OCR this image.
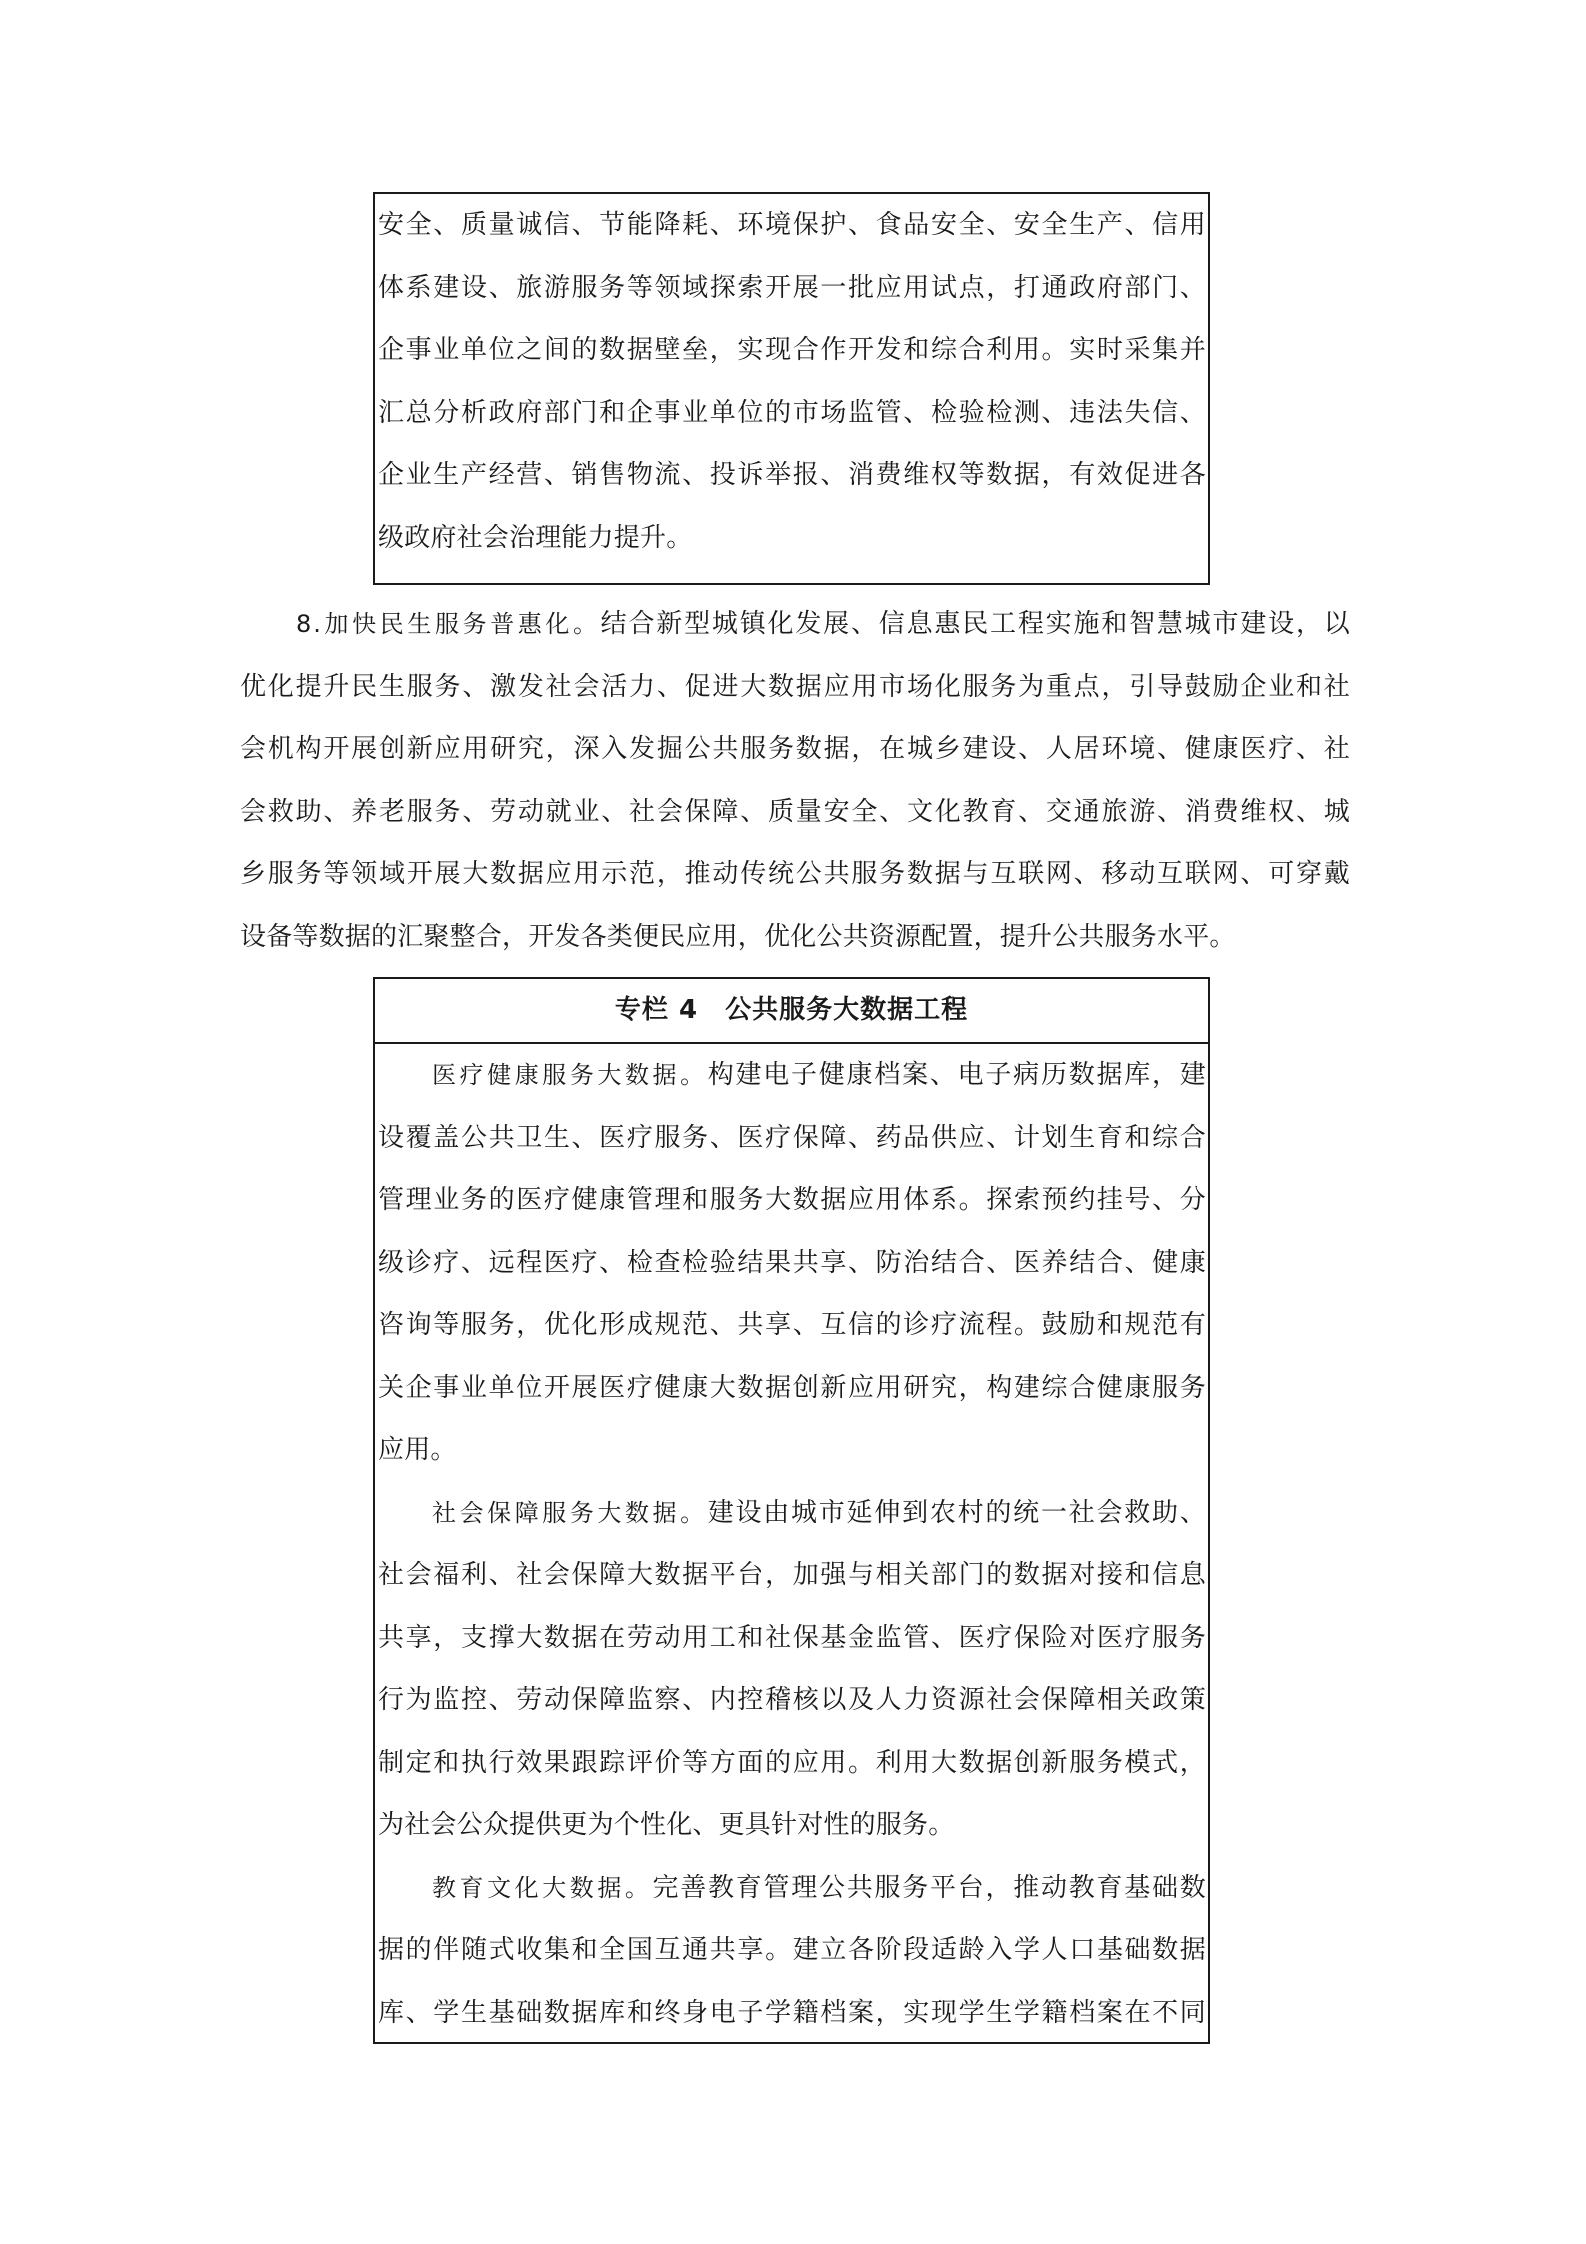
安全、质量诚信、节能降耗、环境保护、食品安全、安全生产、信用
体系建设、旅游服务等领域探索开展一批应用试点，打通政府部门、
企事业单位之间的数据壁垒，实现合作开发和综合利用。实时采集并
汇总分析政府部门和企事业单位的市场监管、检验检测、违法失信、
企业生产经营、销售物流、投诉举报、消费维权等数据，有效促进各
级政府社会治理能力提升。
8.加快民生服务普惠化。结合新型城镇化发展、信息惠民工程实施和智慧城市建设，以
优化提升民生服务、激发社会活力、促进大数据应用市场化服务为重点，引导鼓励企业和社
会机构开展创新应用研究，深入发掘公共服务数据，在城乡建设、人居环境、健康医疗、社
会救助、养老服务、劳动就业、社会保障、质量安全、文化教育、交通旅游、消费维权、城
乡服务等领域开展大数据应用示范，推动传统公共服务数据与互联网、移动互联网、可穿戴
设备等数据的汇聚整合，开发各类便民应用，优化公共资源配置，提升公共服务水平。
专栏 4　公共服务大数据工程
医疗健康服务大数据。构建电子健康档案、电子病历数据库，建
设覆盖公共卫生、医疗服务、医疗保障、药品供应、计划生育和综合
管理业务的医疗健康管理和服务大数据应用体系。探索预约挂号、分
级诊疗、远程医疗、检查检验结果共享、防治结合、医养结合、健康
咨询等服务，优化形成规范、共享、互信的诊疗流程。鼓励和规范有
关企事业单位开展医疗健康大数据创新应用研究，构建综合健康服务
应用。
社会保障服务大数据。建设由城市延伸到农村的统一社会救助、
社会福利、社会保障大数据平台，加强与相关部门的数据对接和信息
共享，支撑大数据在劳动用工和社保基金监管、医疗保险对医疗服务
行为监控、劳动保障监察、内控稽核以及人力资源社会保障相关政策
制定和执行效果跟踪评价等方面的应用。利用大数据创新服务模式，
为社会公众提供更为个性化、更具针对性的服务。
教育文化大数据。完善教育管理公共服务平台，推动教育基础数
据的伴随式收集和全国互通共享。建立各阶段适龄入学人口基础数据
库、学生基础数据库和终身电子学籍档案，实现学生学籍档案在不同
